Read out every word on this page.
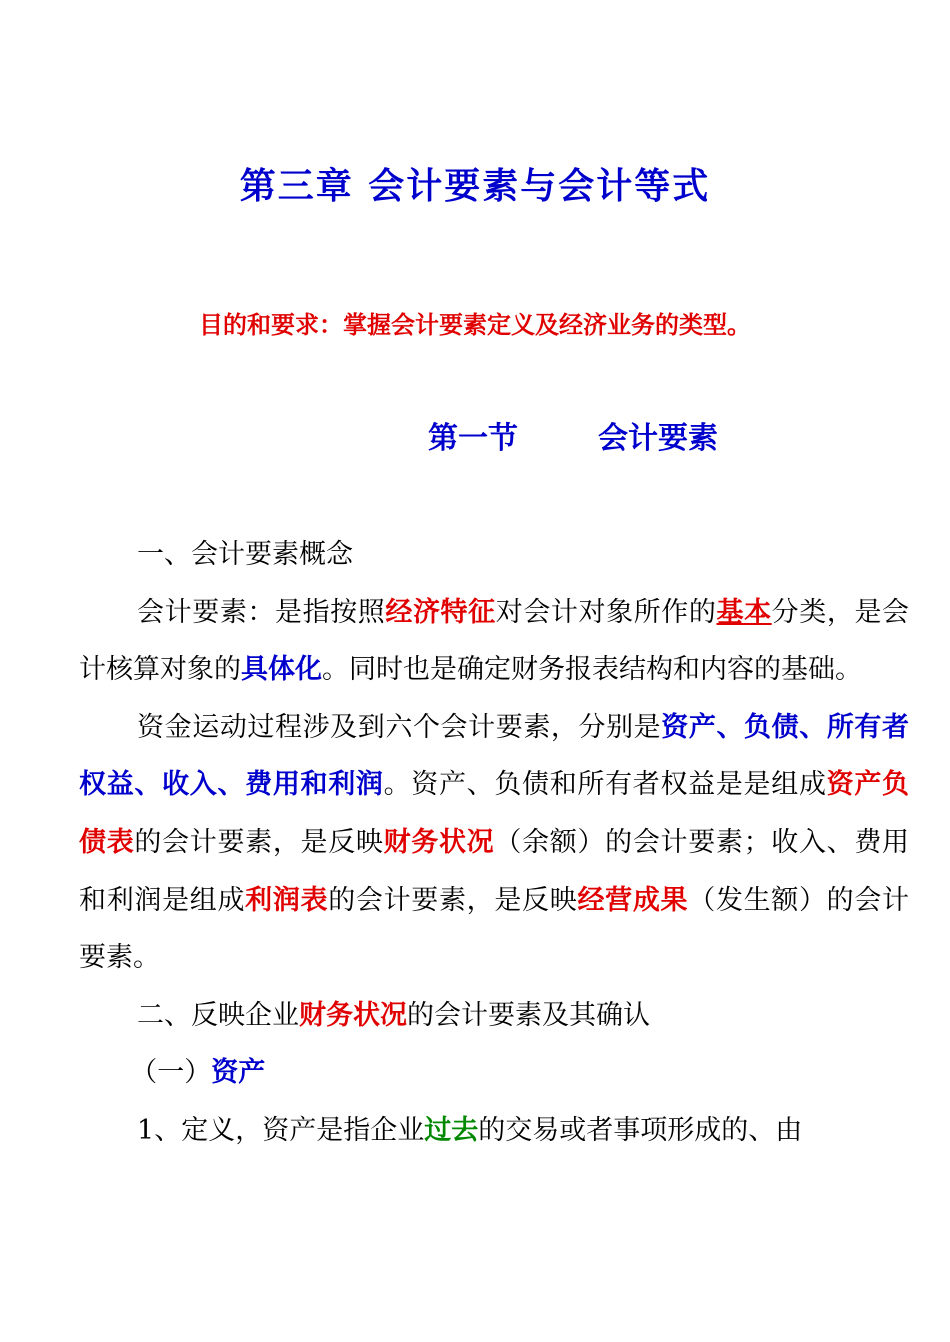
第三章 会计要素与会计等式
目的和要求：掌握会计要素定义及经济业务的类型。
第一节	会计要素

一、会计要素概念

会计要素：是指按照经济特征对会计对象所作的基本分类，是会计核算对象的具体化。同时也是确定财务报表结构和内容的基础。

资金运动过程涉及到六个会计要素，分别是资产、负债、所有者权益、收入、费用和利润。资产、负债和所有者权益是是组成资产负债表的会计要素，是反映财务状况（余额）的会计要素；收入、费用和利润是组成利润表的会计要素，是反映经营成果（发生额）的会计要素。

二、反映企业财务状况的会计要素及其确认

（一）资产

1、定义，资产是指企业过去的交易或者事项形成的、由
